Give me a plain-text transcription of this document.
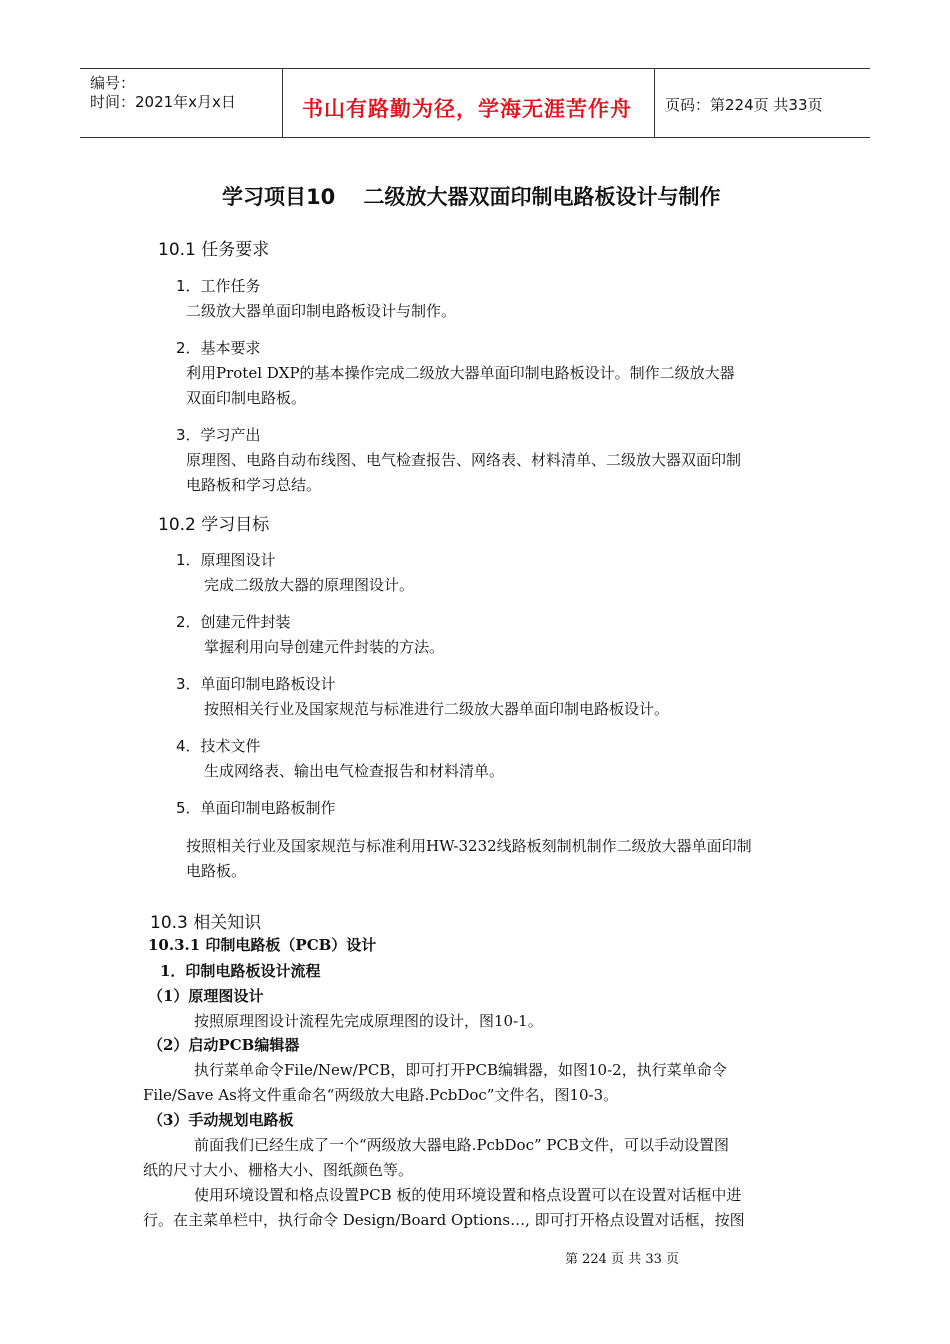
编号：
时间：2021年x月x日	书山有路勤为径，学海无涯苦作舟 页码：第224页 共33页
学习项目10　 二级放大器双面印制电路板设计与制作
10.1 任务要求
1．工作任务
二级放大器单面印制电路板设计与制作。
2．基本要求
利用Protel DXP的基本操作完成二级放大器单面印制电路板设计。制作二级放大器
双面印制电路板。
3．学习产出
原理图、电路自动布线图、电气检查报告、网络表、材料清单、二级放大器双面印制
电路板和学习总结。
10.2 学习目标
1．原理图设计
完成二级放大器的原理图设计。
2．创建元件封装
掌握利用向导创建元件封装的方法。
3．单面印制电路板设计
按照相关行业及国家规范与标准进行二级放大器单面印制电路板设计。
4．技术文件
生成网络表、输出电气检查报告和材料清单。
5．单面印制电路板制作
按照相关行业及国家规范与标准利用HW-3232线路板刻制机制作二级放大器单面印制
电路板。
10.3 相关知识
10.3.1 印制电路板（PCB）设计
1．印制电路板设计流程
（1）原理图设计
按照原理图设计流程先完成原理图的设计，图10-1。
（2）启动PCB编辑器
执行菜单命令File/New/PCB，即可打开PCB编辑器，如图10-2，执行菜单命令
File/Save As将文件重命名“两级放大电路.PcbDoc”文件名，图10-3。
（3）手动规划电路板
前面我们已经生成了一个“两级放大器电路.PcbDoc” PCB文件，可以手动设置图
纸的尺寸大小、栅格大小、图纸颜色等。
使用环境设置和格点设置PCB 板的使用环境设置和格点设置可以在设置对话框中进
行。在主菜单栏中，执行命令 Design/Board Options…, 即可打开格点设置对话框，按图
第 224 页 共 33 页
